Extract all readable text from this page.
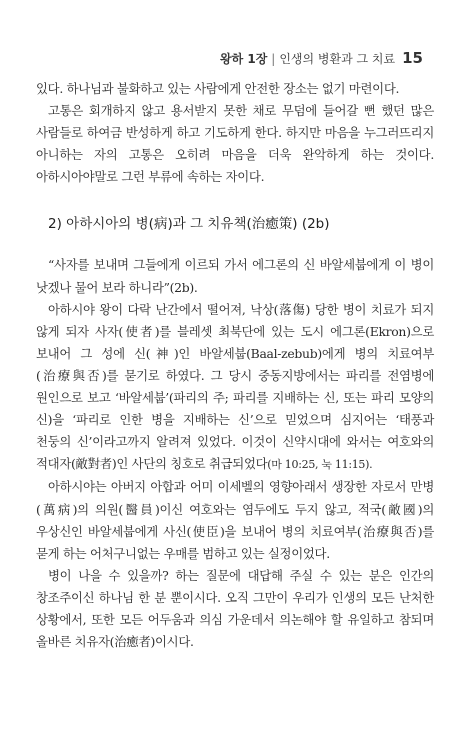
왕하 1장 | 인생의 병환과 그 치료 15

있다. 하나님과 불화하고 있는 사람에게 안전한 장소는 없기 마련이다.

고통은 회개하지 않고 용서받지 못한 채로 무덤에 들어갈 뻔 했던 많은 사람들로 하여금 반성하게 하고 기도하게 한다. 하지만 마음을 누그러뜨리지 아니하는 자의 고통은 오히려 마음을 더욱 완악하게 하는 것이다. 아하시아야말로 그런 부류에 속하는 자이다.

2) 아하시아의 병(病)과 그 치유책(治癒策) (2b)

“사자를 보내며 그들에게 이르되 가서 에그론의 신 바알세붑에게 이 병이 낫겠나 물어 보라 하니라”(2b).

아하시야 왕이 다락 난간에서 떨어져, 낙상(落傷) 당한 병이 치료가 되지 않게 되자 사자(使者)를 블레셋 최북단에 있는 도시 에그론(Ekron)으로 보내어 그 성에 신(神)인 바알세붑(Baal-zebub)에게 병의 치료여부(治療與否)를 묻기로 하였다. 그 당시 중동지방에서는 파리를 전염병에 원인으로 보고 ‘바알세붑’(파리의 주; 파리를 지배하는 신, 또는 파리 모양의 신)을 ‘파리로 인한 병을 지배하는 신’으로 믿었으며 심지어는 ‘태풍과 천둥의 신’이라고까지 알려져 있었다. 이것이 신약시대에 와서는 여호와의 적대자(敵對者)인 사단의 칭호로 취급되었다(마 10:25, 눅 11:15).

아하시야는 아버지 아합과 어미 이세벨의 영향아래서 생장한 자로서 만병(萬病)의 의원(醫員)이신 여호와는 염두에도 두지 않고, 적국(敵國)의 우상신인 바알세붑에게 사신(使臣)을 보내어 병의 치료여부(治療與否)를 묻게 하는 어처구니없는 우매를 범하고 있는 실정이었다.

병이 나을 수 있을까? 하는 질문에 대답해 주실 수 있는 분은 인간의 창조주이신 하나님 한 분 뿐이시다. 오직 그만이 우리가 인생의 모든 난처한 상황에서, 또한 모든 어두움과 의심 가운데서 의논해야 할 유일하고 참되며 올바른 치유자(治癒者)이시다.
